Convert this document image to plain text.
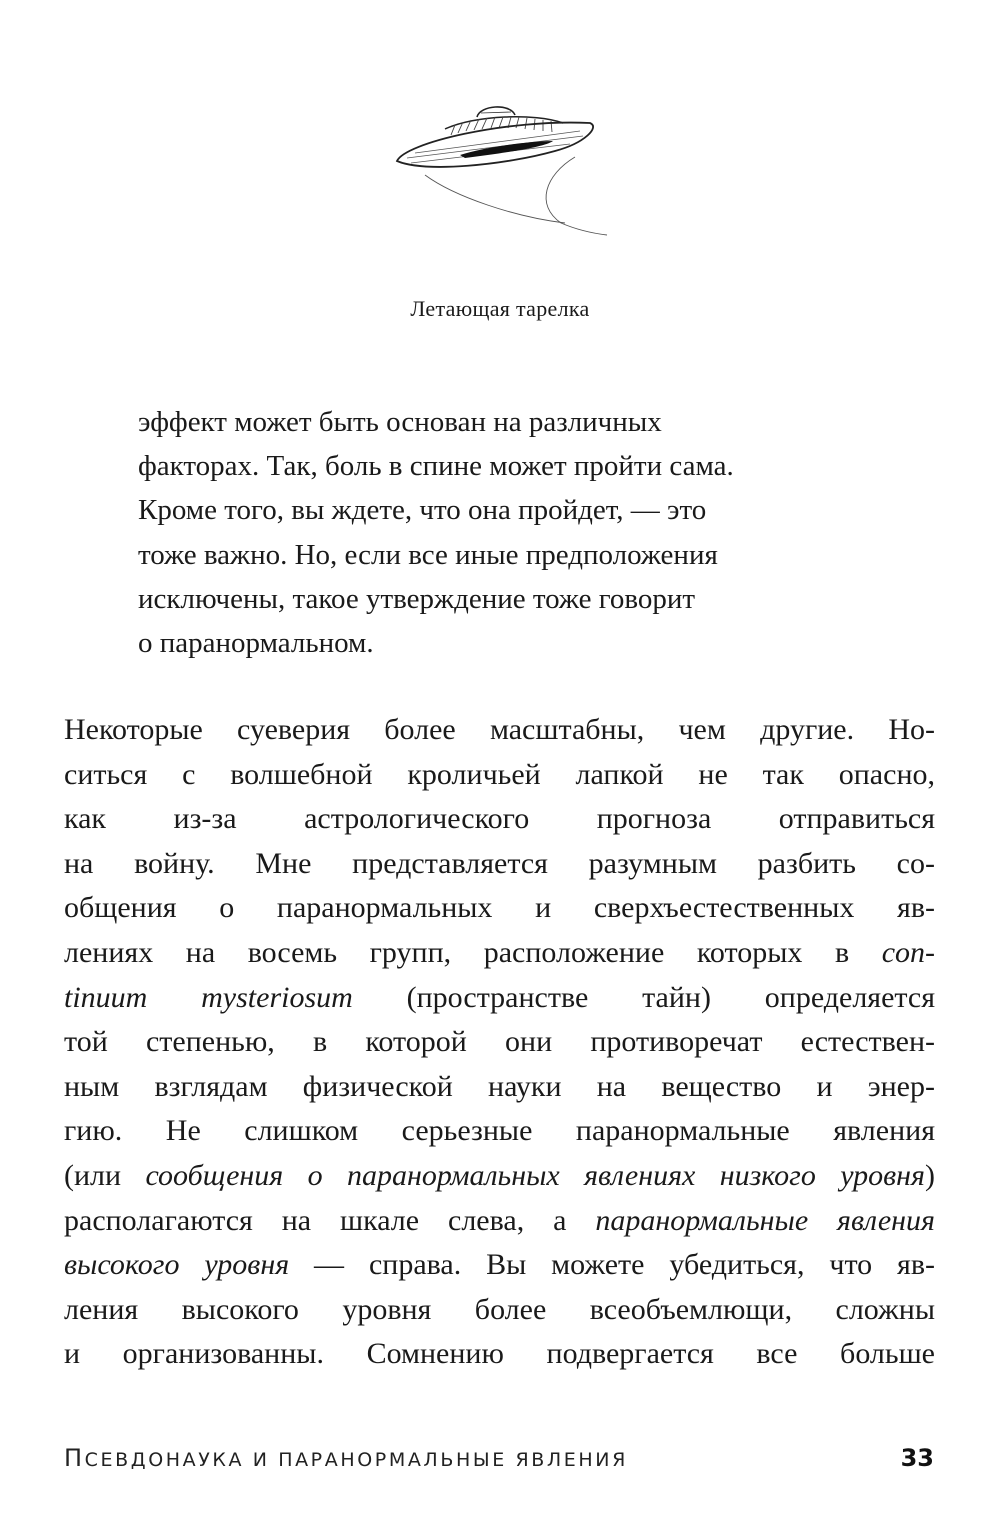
Летающая тарелка
эффект может быть основан на различных
факторах. Так, боль в спине может пройти сама.
Кроме того, вы ждете, что она пройдет, — это
тоже важно. Но, если все иные предположения
исключены, такое утверждение тоже говорит
о паранормальном.
Некоторые суеверия более масштабны, чем другие. Но-
ситься с волшебной кроличьей лапкой не так опасно,
как из-за астрологического прогноза отправиться
на войну. Мне представляется разумным разбить со-
общения о паранормальных и сверхъестественных яв-
лениях на восемь групп, расположение которых в con-
tinuum mysteriosum (пространстве тайн) определяется
той степенью, в которой они противоречат естествен-
ным взглядам физической науки на вещество и энер-
гию. Не слишком серьезные паранормальные явления
(или сообщения о паранормальных явлениях низкого уровня)
располагаются на шкале слева, а паранормальные явления
высокого уровня — справа. Вы можете убедиться, что яв-
ления высокого уровня более всеобъемлющи, сложны
и организованны. Сомнению подвергается все больше
ПСЕВДОНАУКА И ПАРАНОРМАЛЬНЫЕ ЯВЛЕНИЯ	33
